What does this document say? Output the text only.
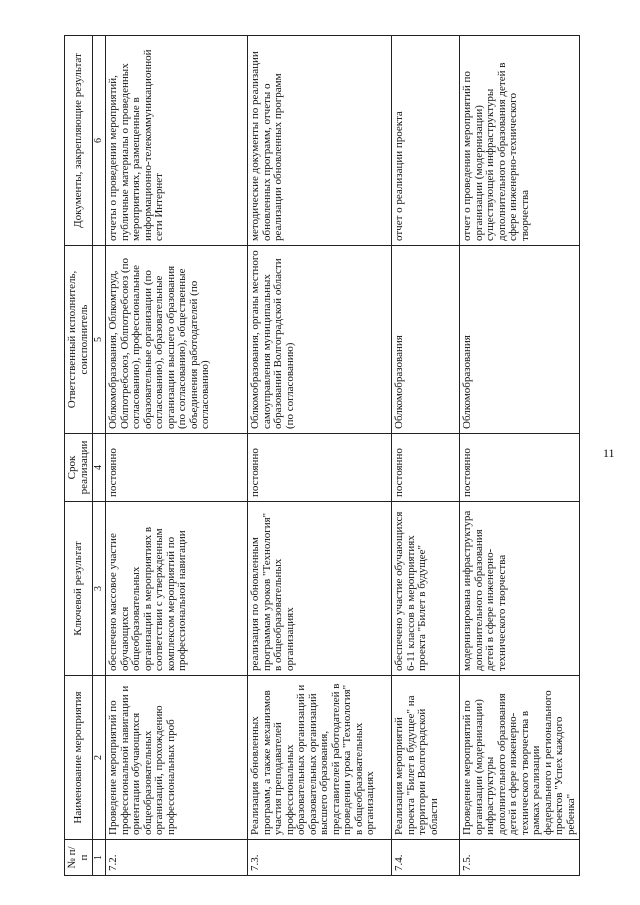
11
№ п/п	Наименование мероприятия	Ключевой результат	Срок реализации	Ответственный исполнитель, соисполнитель	Документы, закрепляющие результат
1	2	3	4	5	6
7.2.	Проведение мероприятий по профессиональной навигации и ориентации обучающихся общеобразовательных организаций, прохождению профессиональных проб	обеспечено массовое участие обучающихся общеобразовательных организаций в мероприятиях в соответствии с утвержденным комплексом мероприятий по профессиональной навигации	постоянно	Облкомобразования, Облкомтруд, Облпотребсоюз, Облпотребсоюз (по согласованию), профессиональные образовательные организации (по согласованию), образовательные организации высшего образования (по согласованию), общественные объединения работодателей (по согласованию)	отчеты о проведении мероприятий, публичные материалы о проведенных мероприятиях, размещенные в информационно-телекоммуникационной сети Интернет
7.3.	Реализация обновленных программ, а также механизмов участия преподавателей профессиональных образовательных организаций и образовательных организаций высшего образования, представителей работодателей в проведении урока "Технология" в общеобразовательных организациях	реализация по обновленным программам уроков "Технология" в общеобразовательных организациях	постоянно	Облкомобразования, органы местного самоуправления муниципальных образований Волгоградской области (по согласованию)	методические документы по реализации обновленных программ, отчеты о реализации обновленных программ
7.4.	Реализация мероприятий проекта "Билет в будущее" на территории Волгоградской области	обеспечено участие обучающихся 6-11 классов в мероприятиях проекта "Билет в будущее"	постоянно	Облкомобразования	отчет о реализации проекта
7.5.	Проведение мероприятий по организации (модернизации) инфраструктуры дополнительного образования детей в сфере инженерно-технического творчества в рамках реализации федерального и регионального проектов "Успех каждого ребенка"	модернизирована инфраструктура дополнительного образования детей в сфере инженерно-технического творчества	постоянно	Облкомобразования	отчет о проведении мероприятий по организации (модернизации) существующей инфраструктуры дополнительного образования детей в сфере инженерно-технического творчества
